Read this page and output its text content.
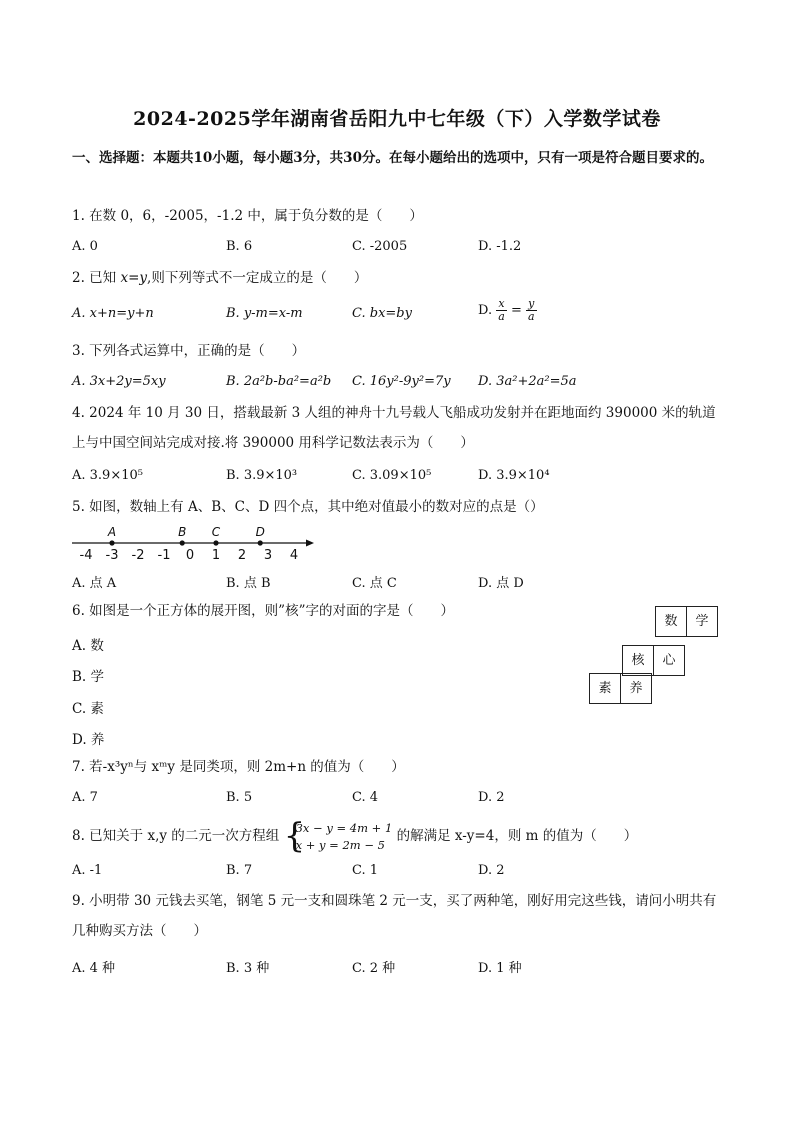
2024-2025学年湖南省岳阳九中七年级（下）入学数学试卷
一、选择题：本题共10小题，每小题3分，共30分。在每小题给出的选项中，只有一项是符合题目要求的。
1. 在数 0，6，-2005，-1.2 中，属于负分数的是（　　）
A. 0	B. 6	C. -2005	D. -1.2
2. 已知 x=y,则下列等式不一定成立的是（　　）
A. x+n=y+n	B. y-m=x-m	C. bx=by	D. $\frac{x}{a} = \frac{y}{a}$
3. 下列各式运算中，正确的是（　　）
A. 3x+2y=5xy	B. 2a²b-ba²=a²b C. 16y²-9y²=7y D. 3a²+2a²=5a
4. 2024 年 10 月 30 日，搭载最新 3 人组的神舟十九号载人飞船成功发射并在距地面约 390000 米的轨道上与中国空间站完成对接.将 390000 用科学记数法表示为（　　）
A. 3.9×10⁵	B. 3.9×10³	C. 3.09×10⁵	D. 3.9×10⁴
5. 如图，数轴上有 A、B、C、D 四个点，其中绝对值最小的数对应的点是（）
-4 -3 -2 -1 0 1 2 3 4
A	B C	D
A. 点 A	B. 点 B	C. 点 C	D. 点 D
6. 如图是一个正方体的展开图，则”核”字的对面的字是（　　）
A. 数
B. 学
C. 素
D. 养
数	学
核	心
素	养
7. 若-x³yⁿ与 xᵐy 是同类项，则 2m+n 的值为（　　）
A. 7	B. 5	C. 4	D. 2
8. 已知关于 x,y 的二元一次方程组 {
3x − y = 4m + 1
x + y = 2m − 5
的解满足 x-y=4，则 m 的值为（　　）
A. -1	B. 7	C. 1	D. 2
9. 小明带 30 元钱去买笔，钢笔 5 元一支和圆珠笔 2 元一支，买了两种笔，刚好用完这些钱，请问小明共有几种购买方法（　　）
A. 4 种	B. 3 种	C. 2 种	D. 1 种
